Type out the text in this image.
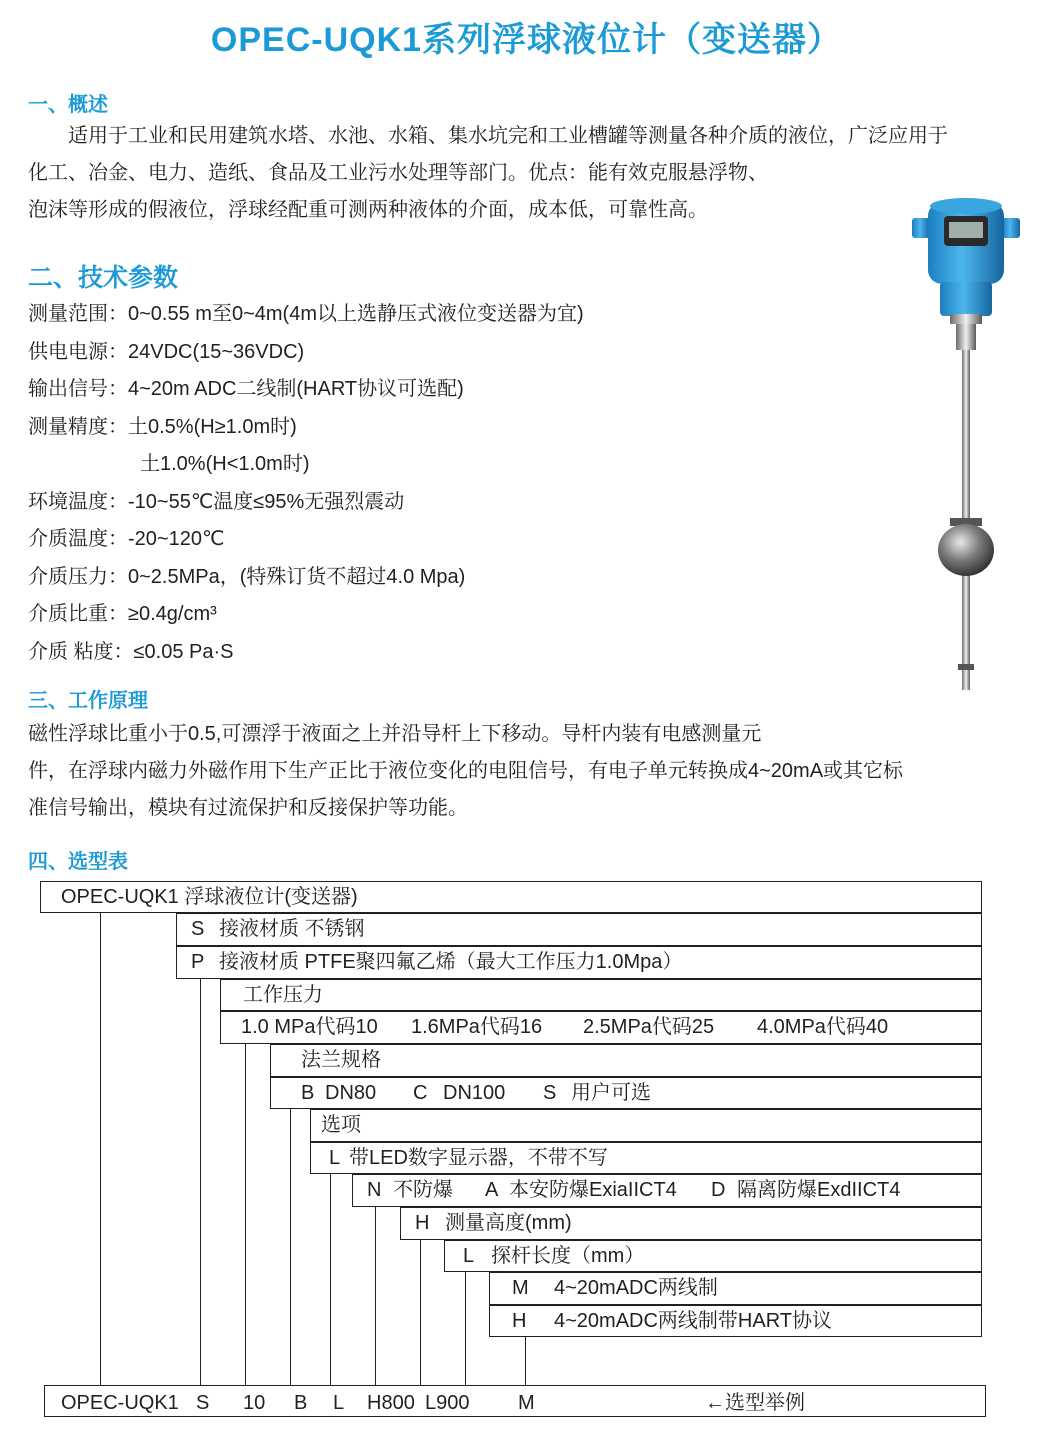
OPEC-UQK1系列浮球液位计（变送器）
一、概述
适用于工业和民用建筑水塔、水池、水箱、集水坑完和工业槽罐等测量各种介质的液位，广泛应用于
化工、冶金、电力、造纸、食品及工业污水处理等部门。优点：能有效克服悬浮物、
泡沫等形成的假液位，浮球经配重可测两种液体的介面，成本低，可靠性高。
二、技术参数
测量范围：0~0.55 m至0~4m(4m以上选静压式液位变送器为宜)
供电电源：24VDC(15~36VDC)
输出信号：4~20m ADC二线制(HART协议可选配)
测量精度：土0.5%(H≥1.0m时)
土1.0%(H<1.0m时)
环境温度：-10~55℃温度≤95%无强烈震动
介质温度：-20~120℃
介质压力：0~2.5MPa，(特殊订货不超过4.0 Mpa)
介质比重：≥0.4g/cm³
介质 粘度：≤0.05 Pa·S
三、工作原理
磁性浮球比重小于0.5,可漂浮于液面之上并沿导杆上下移动。导杆内装有电感测量元
件，在浮球内磁力外磁作用下生产正比于液位变化的电阻信号，有电子单元转换成4~20mA或其它标
准信号输出，模块有过流保护和反接保护等功能。
四、选型表
OPEC-UQK1 浮球液位计(变送器)
S 接液材质 不锈钢
P 接液材质 PTFE聚四氟乙烯（最大工作压力1.0Mpa）
工作压力
1.0 MPa代码10 1.6MPa代码16 2.5MPa代码25 4.0MPa代码40
法兰规格
B DN80 C DN100 S 用户可选
选项
L 带LED数字显示器，不带不写
N 不防爆 A 本安防爆ExiaIICT4 D 隔离防爆ExdIICT4
H 测量高度(mm)
L 探杆长度（mm）
M 4~20mADC两线制
H 4~20mADC两线制带HART协议
OPEC-UQK1 S 10 B L H800 L900 M	←选型举例
